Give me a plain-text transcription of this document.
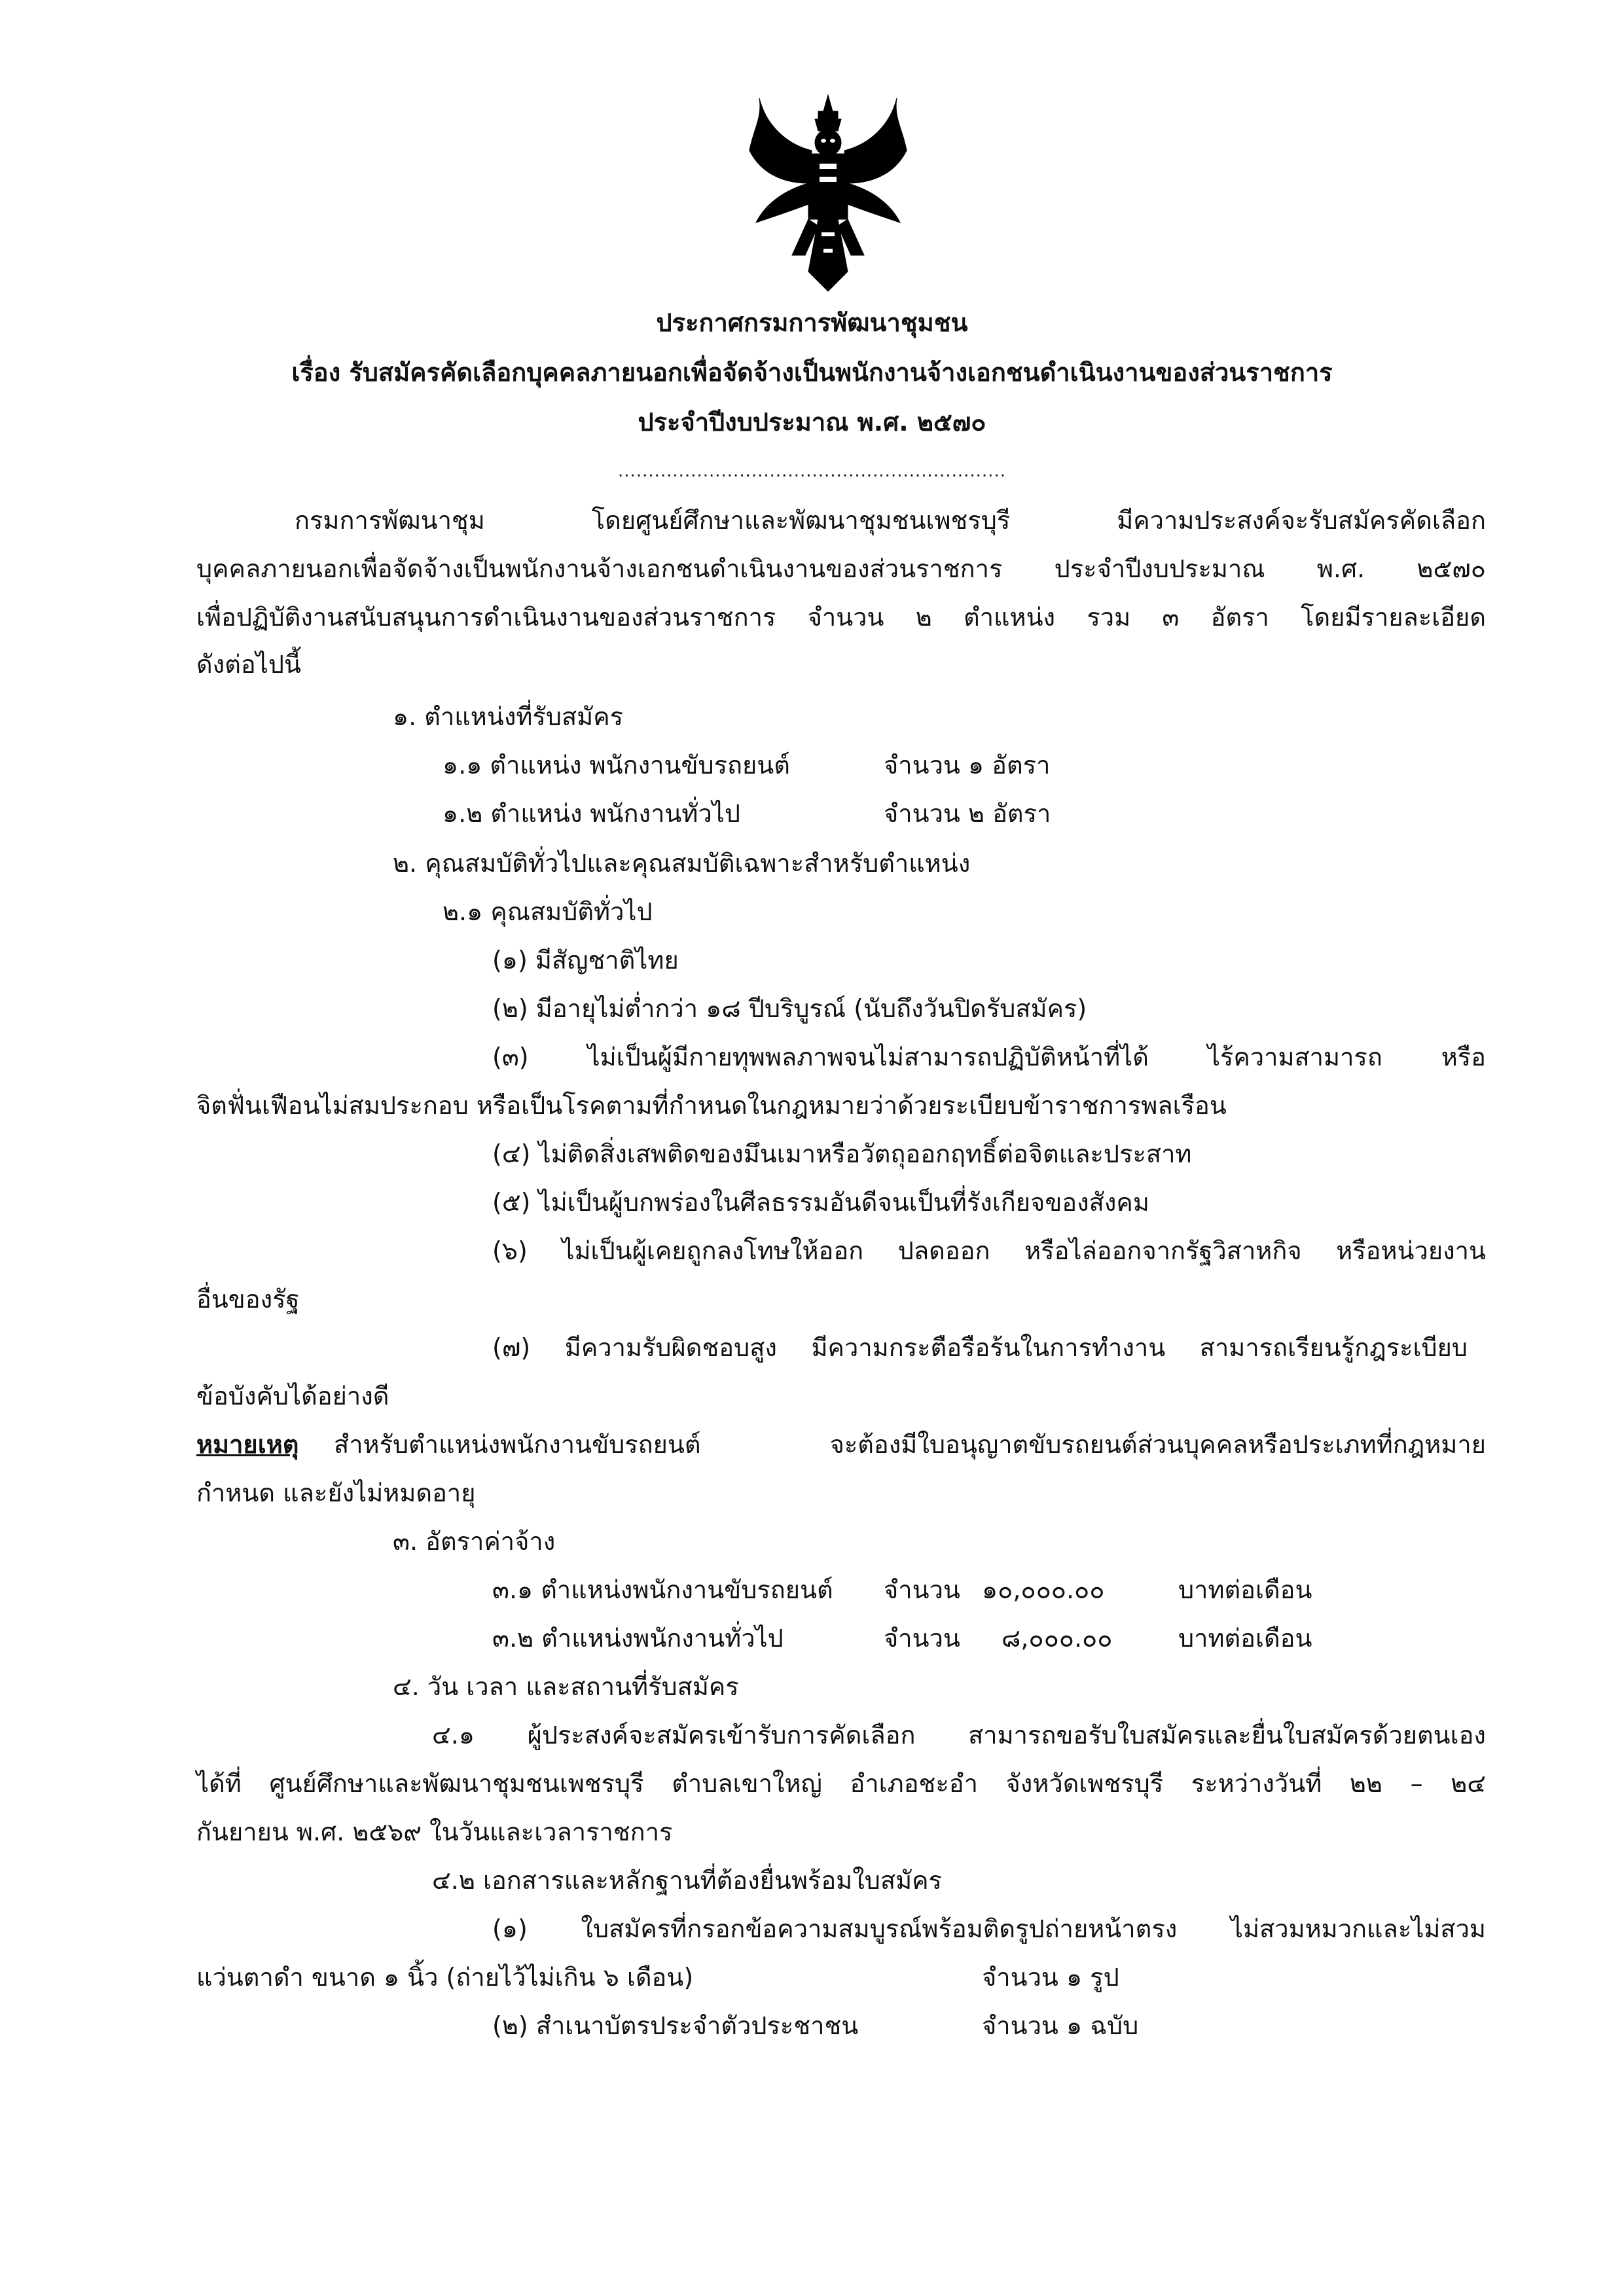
ประกาศกรมการพัฒนาชุมชน
เรื่อง รับสมัครคัดเลือกบุคคลภายนอกเพื่อจัดจ้างเป็นพนักงานจ้างเอกชนดำเนินงานของส่วนราชการ
ประจำปีงบประมาณ พ.ศ. ๒๕๗๐
................................................................
กรมการพัฒนาชุม โดยศูนย์ศึกษาและพัฒนาชุมชนเพชรบุรี มีความประสงค์จะรับสมัครคัดเลือก
บุคคลภายนอกเพื่อจัดจ้างเป็นพนักงานจ้างเอกชนดำเนินงานของส่วนราชการ ประจำปีงบประมาณ พ.ศ. ๒๕๗๐
เพื่อปฏิบัติงานสนับสนุนการดำเนินงานของส่วนราชการ จำนวน ๒ ตำแหน่ง รวม ๓ อัตรา โดยมีรายละเอียด
ดังต่อไปนี้
๑. ตำแหน่งที่รับสมัคร
๑.๑ ตำแหน่ง พนักงานขับรถยนต์	จำนวน ๑ อัตรา
๑.๒ ตำแหน่ง พนักงานทั่วไป	จำนวน ๒ อัตรา
๒. คุณสมบัติทั่วไปและคุณสมบัติเฉพาะสำหรับตำแหน่ง
๒.๑ คุณสมบัติทั่วไป
(๑) มีสัญชาติไทย
(๒) มีอายุไม่ต่ำกว่า ๑๘ ปีบริบูรณ์ (นับถึงวันปิดรับสมัคร)
(๓) ไม่เป็นผู้มีกายทุพพลภาพจนไม่สามารถปฏิบัติหน้าที่ได้ ไร้ความสามารถ หรือ
จิตฟั่นเฟือนไม่สมประกอบ หรือเป็นโรคตามที่กำหนดในกฎหมายว่าด้วยระเบียบข้าราชการพลเรือน
(๔) ไม่ติดสิ่งเสพติดของมึนเมาหรือวัตถุออกฤทธิ์ต่อจิตและประสาท
(๕) ไม่เป็นผู้บกพร่องในศีลธรรมอันดีจนเป็นที่รังเกียจของสังคม
(๖) ไม่เป็นผู้เคยถูกลงโทษให้ออก ปลดออก หรือไล่ออกจากรัฐวิสาหกิจ หรือหน่วยงาน
อื่นของรัฐ
(๗) มีความรับผิดชอบสูง มีความกระตือรือร้นในการทำงาน สามารถเรียนรู้กฎระเบียบ
ข้อบังคับได้อย่างดี
หมายเหตุ สำหรับตำแหน่งพนักงานขับรถยนต์ จะต้องมีใบอนุญาตขับรถยนต์ส่วนบุคคลหรือประเภทที่กฎหมาย
กำหนด และยังไม่หมดอายุ
๓. อัตราค่าจ้าง
๓.๑ ตำแหน่งพนักงานขับรถยนต์ จำนวน ๑๐,๐๐๐.๐๐	บาทต่อเดือน
๓.๒ ตำแหน่งพนักงานทั่วไป	จำนวน ๘,๐๐๐.๐๐	บาทต่อเดือน
๔. วัน เวลา และสถานที่รับสมัคร
๔.๑ ผู้ประสงค์จะสมัครเข้ารับการคัดเลือก สามารถขอรับใบสมัครและยื่นใบสมัครด้วยตนเอง
ได้ที่ ศูนย์ศึกษาและพัฒนาชุมชนเพชรบุรี ตำบลเขาใหญ่ อำเภอชะอำ จังหวัดเพชรบุรี ระหว่างวันที่ ๒๒ – ๒๔
กันยายน พ.ศ. ๒๕๖๙ ในวันและเวลาราชการ
๔.๒ เอกสารและหลักฐานที่ต้องยื่นพร้อมใบสมัคร
(๑) ใบสมัครที่กรอกข้อความสมบูรณ์พร้อมติดรูปถ่ายหน้าตรง ไม่สวมหมวกและไม่สวม
แว่นตาดำ ขนาด ๑ นิ้ว (ถ่ายไว้ไม่เกิน ๖ เดือน)	จำนวน ๑ รูป
(๒) สำเนาบัตรประจำตัวประชาชน	จำนวน ๑ ฉบับ
